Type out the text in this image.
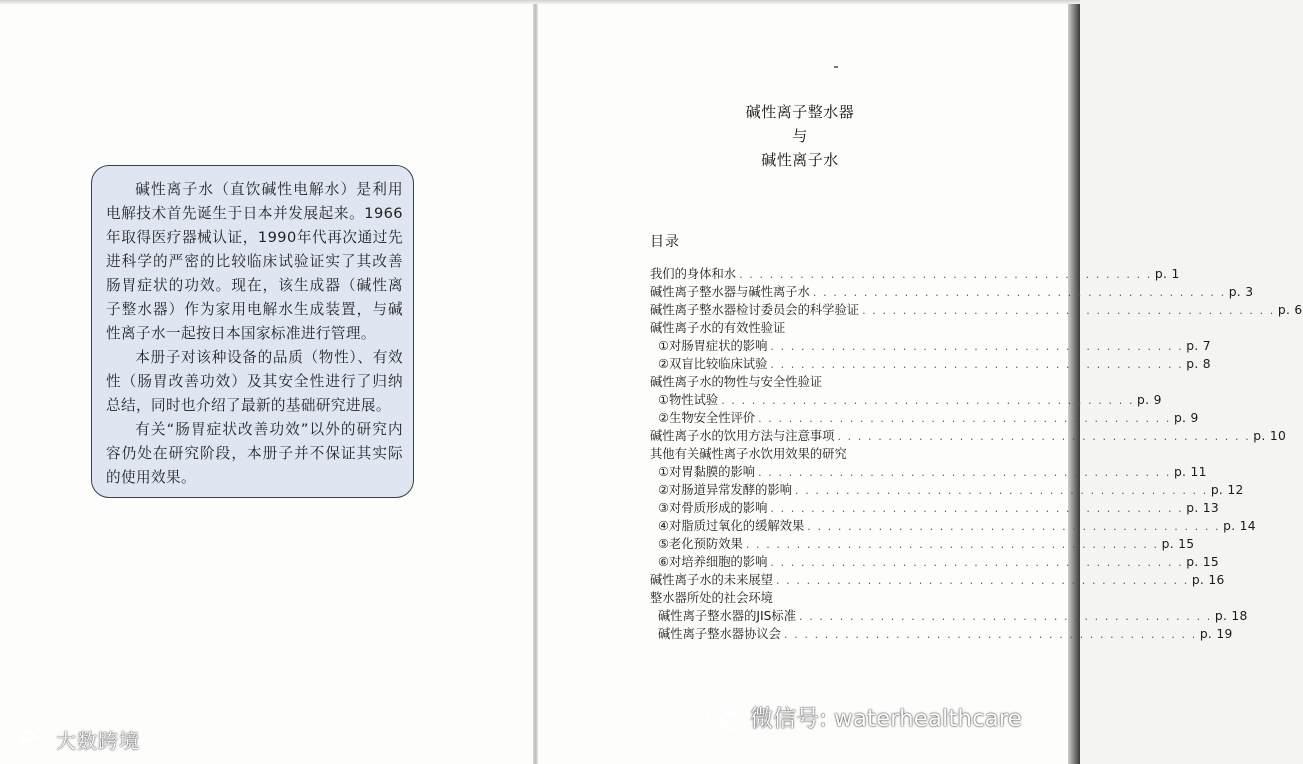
碱性离子水（直饮碱性电解水）是利用电解技术首先诞生于日本并发展起来。1966年取得医疗器械认证，1990年代再次通过先进科学的严密的比较临床试验证实了其改善肠胃症状的功效。现在，该生成器（碱性离子整水器）作为家用电解水生成装置，与碱性离子水一起按日本国家标准进行管理。

本册子对该种设备的品质（物性）、有效性（肠胃改善功效）及其安全性进行了归纳总结，同时也介绍了最新的基础研究进展。

有关“肠胃症状改善功效”以外的研究内容仍处在研究阶段，本册子并不保证其实际的使用效果。

碱性离子整水器
与
碱性离子水
目录
我们的身体和水 . . . . . . . . . . . . . . . . . . . . . . . . . . . . . . . . . . . . . . . . . p. 1
碱性离子整水器与碱性离子水 . . . . . . . . . . . . . . . . . . . . . . . . . . . . . . . . . . . . . . . . . p. 3
碱性离子整水器检讨委员会的科学验证 . . . . . . . . . . . . . . . . . . . . . . . . . . . . . . . . . . . . . . . . . p. 6
碱性离子水的有效性验证
①对肠胃症状的影响 . . . . . . . . . . . . . . . . . . . . . . . . . . . . . . . . . . . . . . . . . p. 7
②双盲比较临床试验 . . . . . . . . . . . . . . . . . . . . . . . . . . . . . . . . . . . . . . . . . p. 8
碱性离子水的物性与安全性验证
①物性试验 . . . . . . . . . . . . . . . . . . . . . . . . . . . . . . . . . . . . . . . . . p. 9
②生物安全性评价 . . . . . . . . . . . . . . . . . . . . . . . . . . . . . . . . . . . . . . . . . p. 9
碱性离子水的饮用方法与注意事项 . . . . . . . . . . . . . . . . . . . . . . . . . . . . . . . . . . . . . . . . . p. 10
其他有关碱性离子水饮用效果的研究
①对胃黏膜的影响 . . . . . . . . . . . . . . . . . . . . . . . . . . . . . . . . . . . . . . . . . p. 11
②对肠道异常发酵的影响 . . . . . . . . . . . . . . . . . . . . . . . . . . . . . . . . . . . . . . . . . p. 12
③对骨质形成的影响 . . . . . . . . . . . . . . . . . . . . . . . . . . . . . . . . . . . . . . . . . p. 13
④对脂质过氧化的缓解效果 . . . . . . . . . . . . . . . . . . . . . . . . . . . . . . . . . . . . . . . . . p. 14
⑤老化预防效果 . . . . . . . . . . . . . . . . . . . . . . . . . . . . . . . . . . . . . . . . . p. 15
⑥对培养细胞的影响 . . . . . . . . . . . . . . . . . . . . . . . . . . . . . . . . . . . . . . . . . p. 15
碱性离子水的未来展望 . . . . . . . . . . . . . . . . . . . . . . . . . . . . . . . . . . . . . . . . . p. 16
整水器所处的社会环境
碱性离子整水器的JIS标准 . . . . . . . . . . . . . . . . . . . . . . . . . . . . . . . . . . . . . . . . . p. 18
碱性离子整水器协议会 . . . . . . . . . . . . . . . . . . . . . . . . . . . . . . . . . . . . . . . . . p. 19
大数跨境
微信号: waterhealthcare
